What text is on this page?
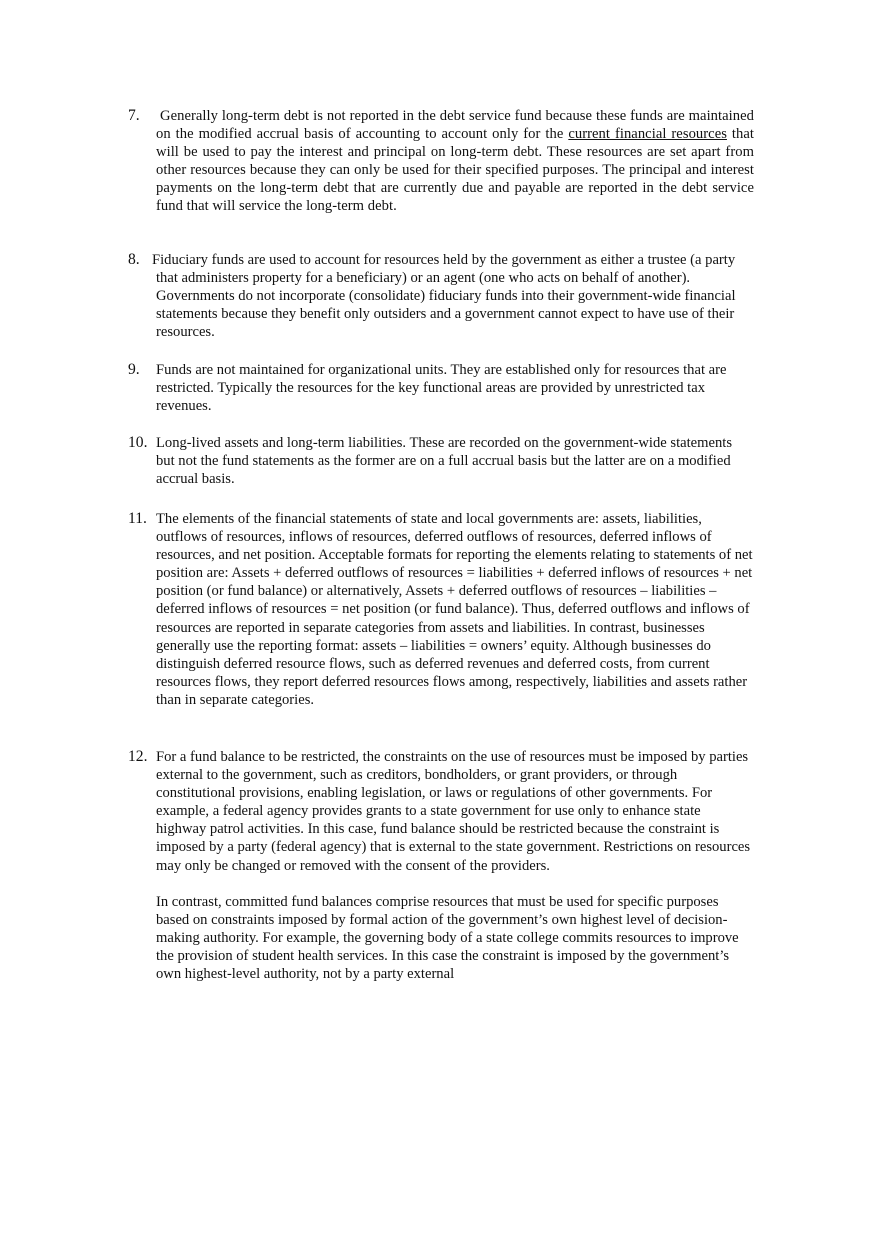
7. Generally long-term debt is not reported in the debt service fund because these funds are maintained on the modified accrual basis of accounting to account only for the current financial resources that will be used to pay the interest and principal on long-term debt. These resources are set apart from other resources because they can only be used for their specified purposes. The principal and interest payments on the long-term debt that are currently due and payable are reported in the debt service fund that will service the long-term debt.
8. Fiduciary funds are used to account for resources held by the government as either a trustee (a party that administers property for a beneficiary) or an agent (one who acts on behalf of another). Governments do not incorporate (consolidate) fiduciary funds into their government-wide financial statements because they benefit only outsiders and a government cannot expect to have use of their resources.
9. Funds are not maintained for organizational units. They are established only for resources that are restricted. Typically the resources for the key functional areas are provided by unrestricted tax revenues.
10. Long-lived assets and long-term liabilities. These are recorded on the government-wide statements but not the fund statements as the former are on a full accrual basis but the latter are on a modified accrual basis.
11. The elements of the financial statements of state and local governments are: assets, liabilities, outflows of resources, inflows of resources, deferred outflows of resources, deferred inflows of resources, and net position. Acceptable formats for reporting the elements relating to statements of net position are: Assets + deferred outflows of resources = liabilities + deferred inflows of resources + net position (or fund balance) or alternatively, Assets + deferred outflows of resources – liabilities – deferred inflows of resources = net position (or fund balance). Thus, deferred outflows and inflows of resources are reported in separate categories from assets and liabilities. In contrast, businesses generally use the reporting format: assets – liabilities = owners’ equity. Although businesses do distinguish deferred resource flows, such as deferred revenues and deferred costs, from current resources flows, they report deferred resources flows among, respectively, liabilities and assets rather than in separate categories.
12. For a fund balance to be restricted, the constraints on the use of resources must be imposed by parties external to the government, such as creditors, bondholders, or grant providers, or through constitutional provisions, enabling legislation, or laws or regulations of other governments. For example, a federal agency provides grants to a state government for use only to enhance state highway patrol activities. In this case, fund balance should be restricted because the constraint is imposed by a party (federal agency) that is external to the state government. Restrictions on resources may only be changed or removed with the consent of the providers.
In contrast, committed fund balances comprise resources that must be used for specific purposes based on constraints imposed by formal action of the government’s own highest level of decision-making authority. For example, the governing body of a state college commits resources to improve the provision of student health services. In this case the constraint is imposed by the government’s own highest-level authority, not by a party external
